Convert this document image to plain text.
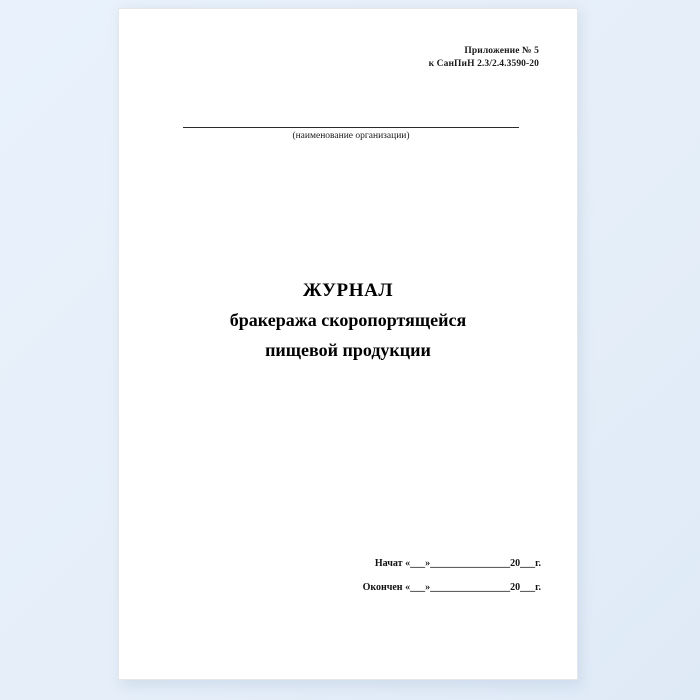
Приложение № 5
к СанПиН 2.3/2.4.3590-20
(наименование организации)
ЖУРНАЛ
бракеража скоропортящейся
пищевой продукции
Начат «___»________________20___г.
Окончен «___»________________20___г.
